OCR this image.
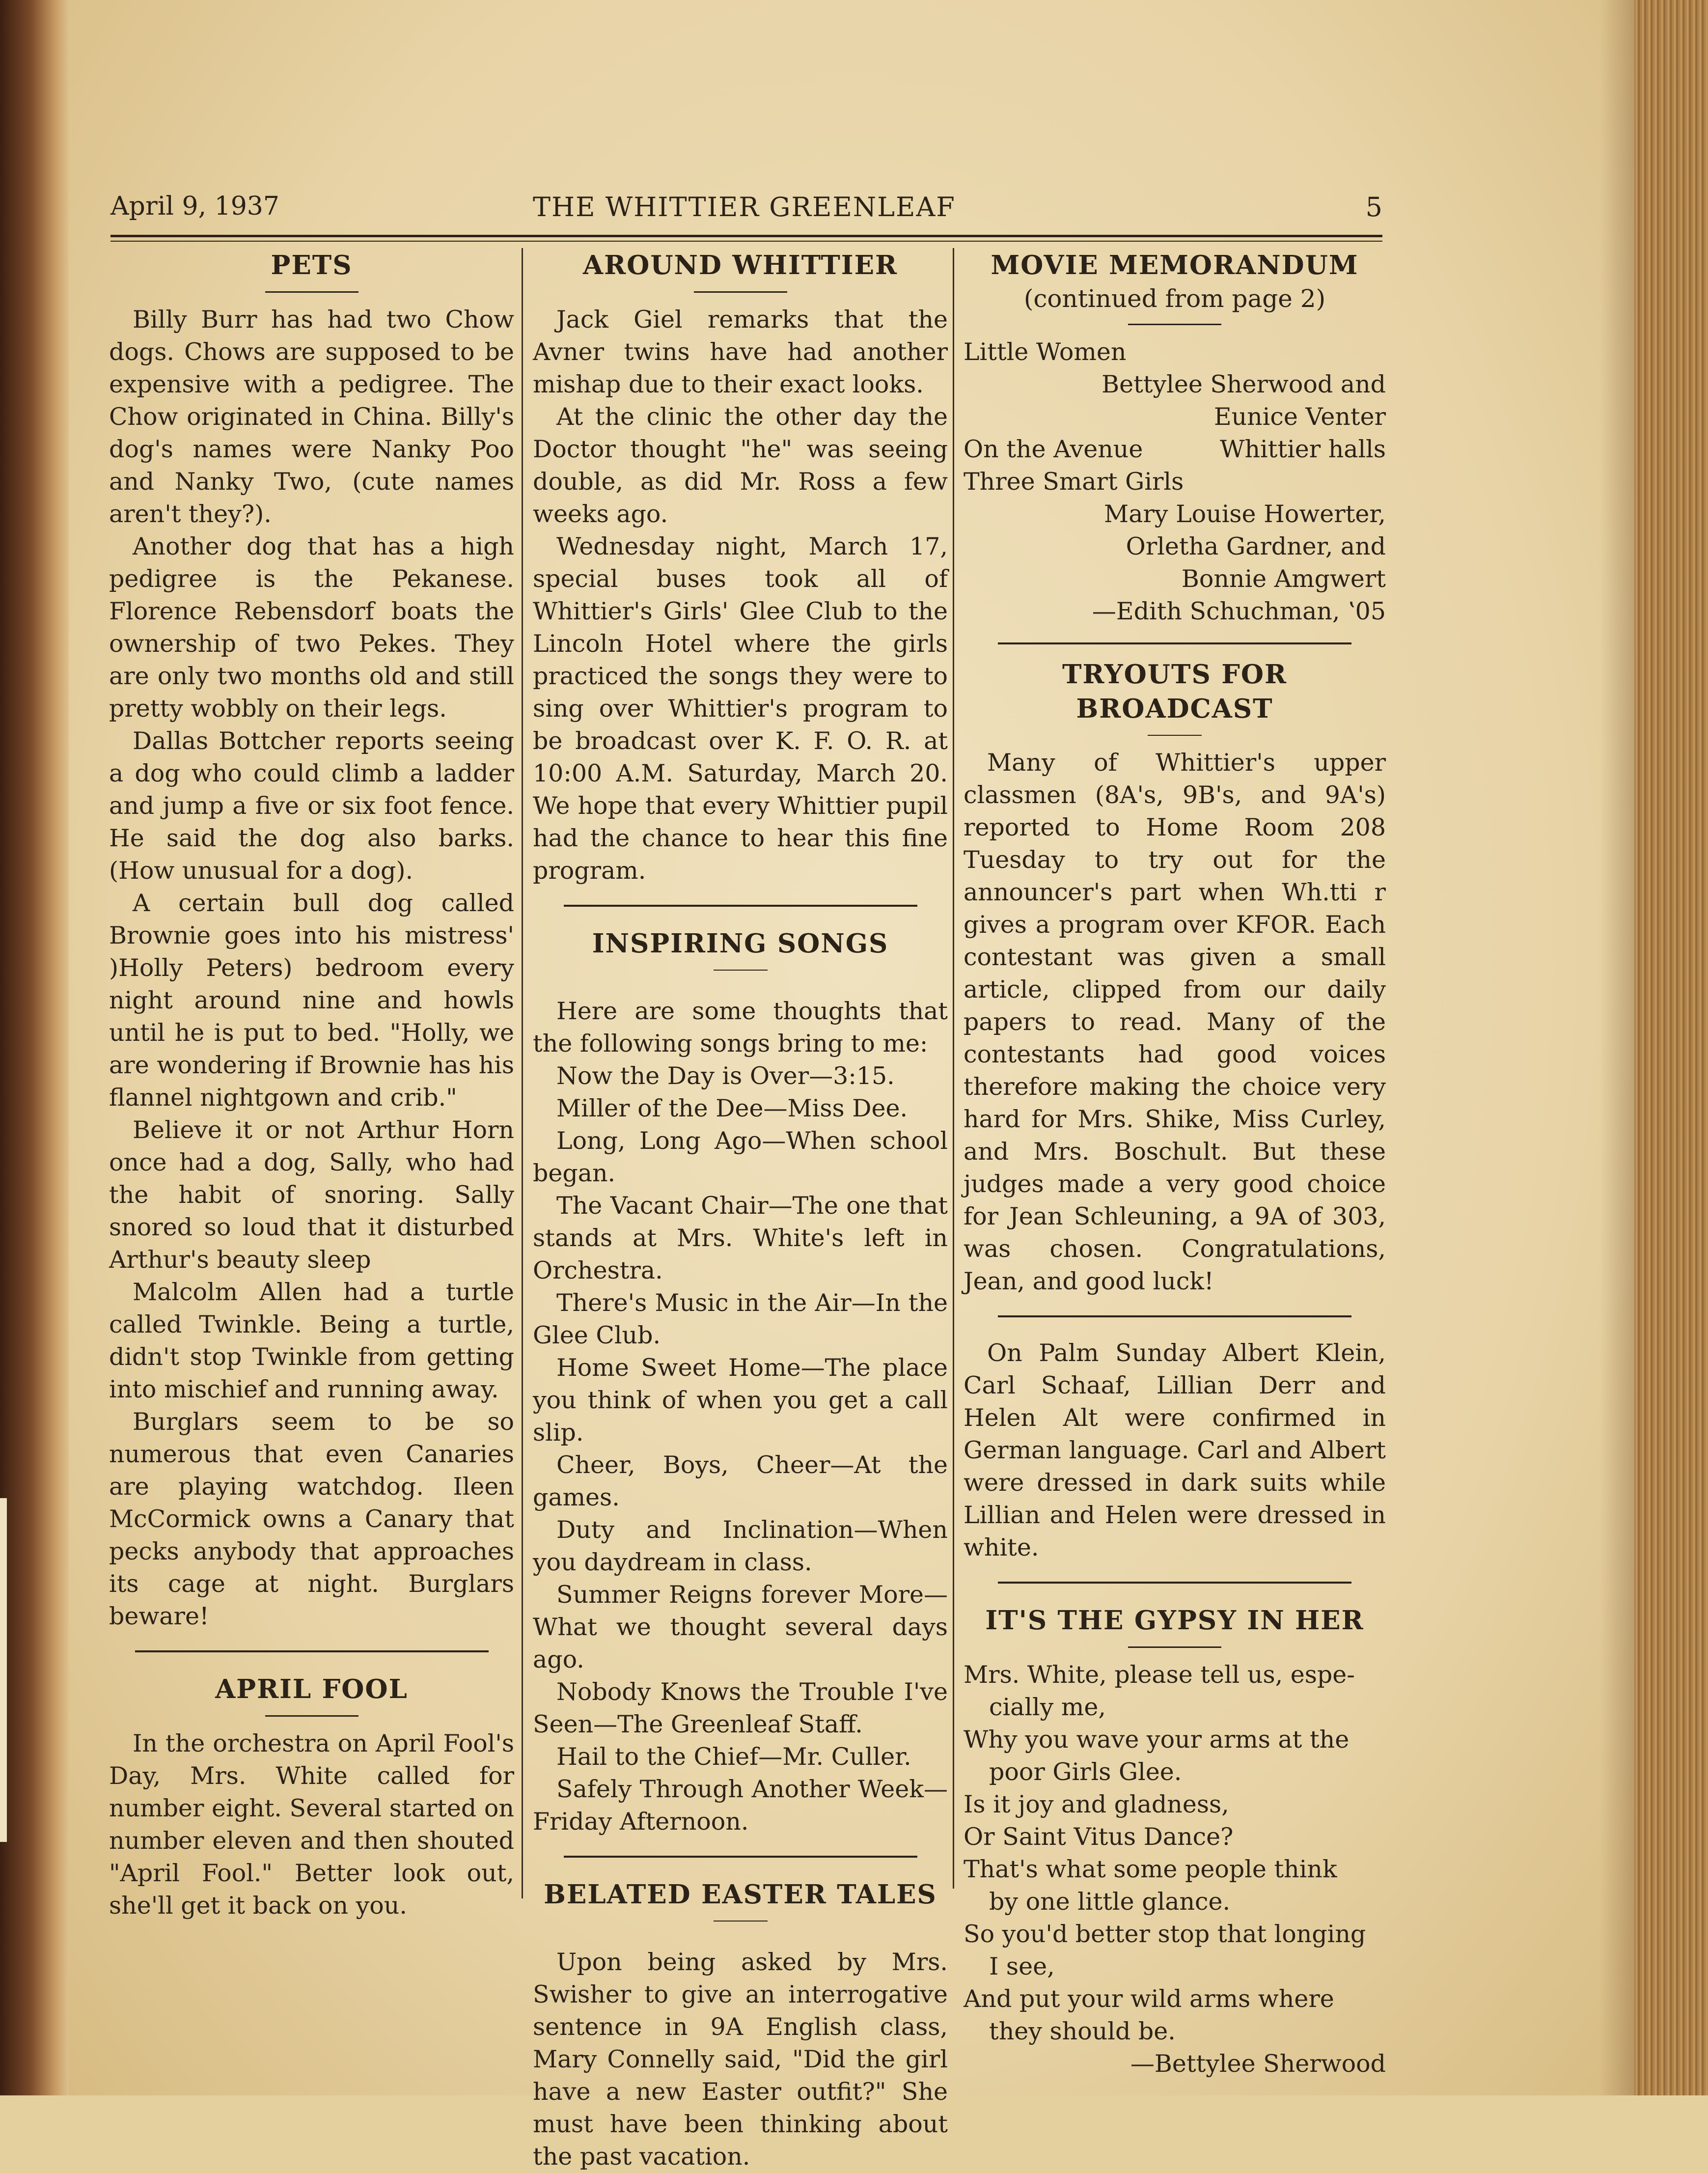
April 9, 1937	THE WHITTIER GREENLEAF	5
PETS

Billy Burr has had two Chow dogs. Chows are supposed to be expensive with a pedigree. The Chow originated in China. Billy's dog's names were Nanky Poo and Nanky Two, (cute names aren't they?).

Another dog that has a high pedigree is the Pekanese. Florence Rebensdorf boats the ownership of two Pekes. They are only two months old and still pretty wobbly on their legs.

Dallas Bottcher reports seeing a dog who could climb a ladder and jump a five or six foot fence. He said the dog also barks. (How unusual for a dog).

A certain bull dog called Brownie goes into his mistress' )Holly Peters) bedroom every night around nine and howls until he is put to bed. "Holly, we are wondering if Brownie has his flannel nightgown and crib."

Believe it or not Arthur Horn once had a dog, Sally, who had the habit of snoring. Sally snored so loud that it disturbed Arthur's beauty sleep

Malcolm Allen had a turtle called Twinkle. Being a turtle, didn't stop Twinkle from getting into mischief and running away.

Burglars seem to be so numerous that even Canaries are playing watchdog. Ileen McCormick owns a Canary that pecks anybody that approaches its cage at night. Burglars beware!

APRIL FOOL

In the orchestra on April Fool's Day, Mrs. White called for number eight. Several started on number eleven and then shouted "April Fool." Better look out, she'll get it back on you.

AROUND WHITTIER

Jack Giel remarks that the Avner twins have had another mishap due to their exact looks.

At the clinic the other day the Doctor thought "he" was seeing double, as did Mr. Ross a few weeks ago.

Wednesday night, March 17, special buses took all of Whittier's Girls' Glee Club to the Lincoln Hotel where the girls practiced the songs they were to sing over Whittier's program to be broadcast over K. F. O. R. at 10:00 A.M. Saturday, March 20. We hope that every Whittier pupil had the chance to hear this fine program.

INSPIRING SONGS

Here are some thoughts that the following songs bring to me:

Now the Day is Over—3:15.

Miller of the Dee—Miss Dee.

Long, Long Ago—When school began.

The Vacant Chair—The one that stands at Mrs. White's left in Orchestra.

There's Music in the Air—In the Glee Club.

Home Sweet Home—The place you think of when you get a call slip.

Cheer, Boys, Cheer—At the games.

Duty and Inclination—When you daydream in class.

Summer Reigns forever More—What we thought several days ago.

Nobody Knows the Trouble I've Seen—The Greenleaf Staff.

Hail to the Chief—Mr. Culler.

Safely Through Another Week—Friday Afternoon.

BELATED EASTER TALES

Upon being asked by Mrs. Swisher to give an interrogative sentence in 9A English class, Mary Connelly said, "Did the girl have a new Easter outfit?" She must have been thinking about the past vacation.

MOVIE MEMORANDUM

(continued from page 2)

Little Women

Bettylee Sherwood and

Eunice Venter

On the Avenue	Whittier halls

Three Smart Girls

Mary Louise Howerter,

Orletha Gardner, and

Bonnie Amgwert

—Edith Schuchman, ʽ05

TRYOUTS FOR BROADCAST

Many of Whittier's upper classmen (8A's, 9B's, and 9A's) reported to Home Room 208 Tuesday to try out for the announcer's part when Wh.tti r gives a program over KFOR. Each contestant was given a small article, clipped from our daily papers to read. Many of the contestants had good voices therefore making the choice very hard for Mrs. Shike, Miss Curley, and Mrs. Boschult. But these judges made a very good choice for Jean Schleuning, a 9A of 303, was chosen. Congratulations, Jean, and good luck!

On Palm Sunday Albert Klein, Carl Schaaf, Lillian Derr and Helen Alt were confirmed in German language. Carl and Albert were dressed in dark suits while Lillian and Helen were dressed in white.

IT'S THE GYPSY IN HER

Mrs. White, please tell us, espe-

cially me,

Why you wave your arms at the

poor Girls Glee.

Is it joy and gladness,

Or Saint Vitus Dance?

That's what some people think

by one little glance.

So you'd better stop that longing

I see,

And put your wild arms where

they should be.

—Bettylee Sherwood
